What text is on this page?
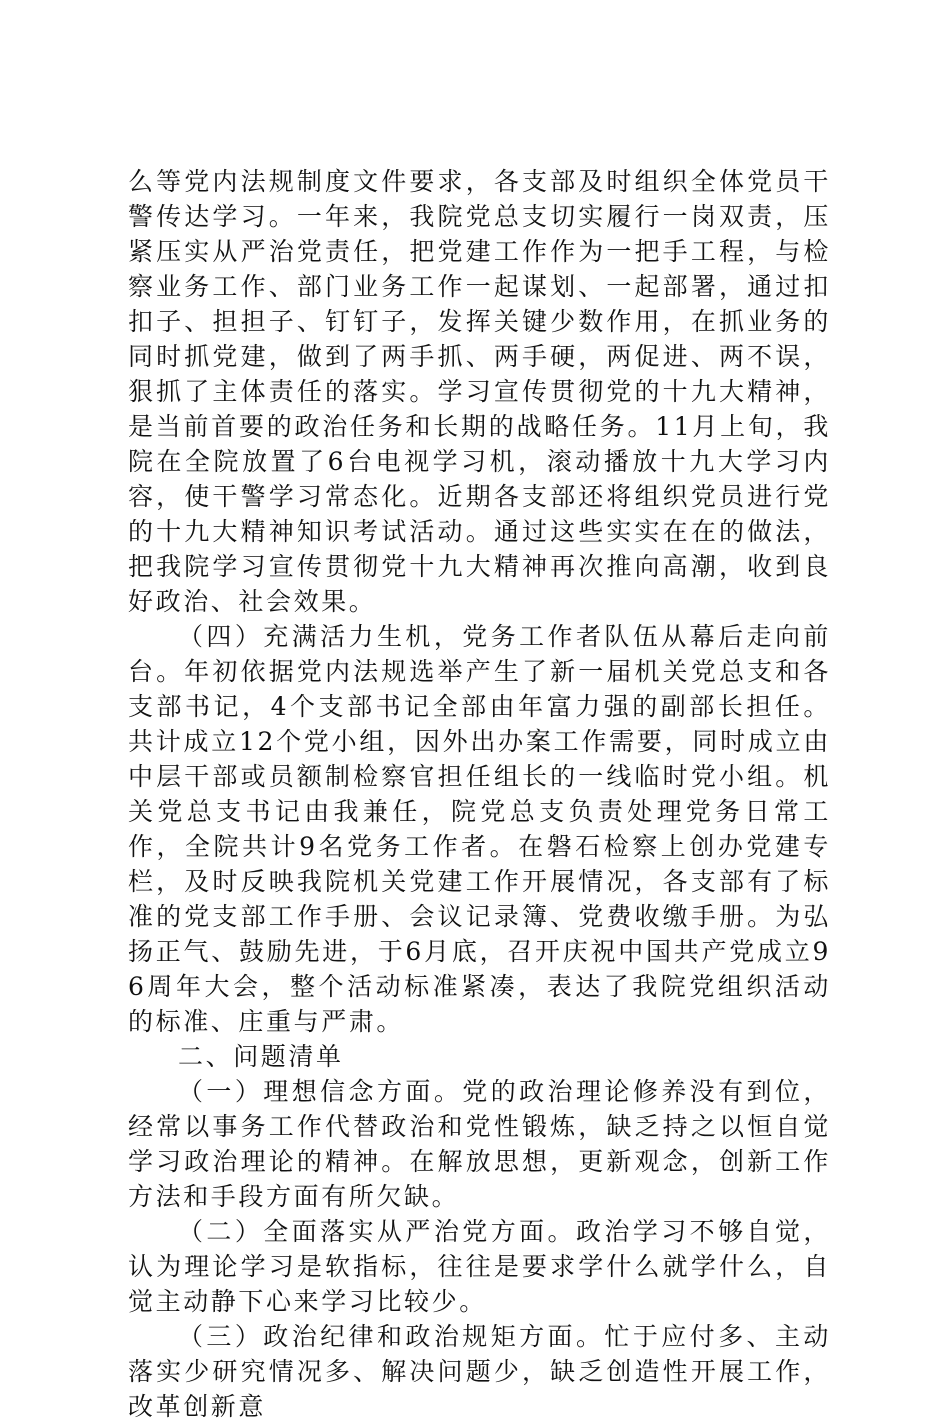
么等党内法规制度文件要求，各支部及时组织全体党员干警传达学习。一年来，我院党总支切实履行一岗双责，压紧压实从严治党责任，把党建工作作为一把手工程，与检察业务工作、部门业务工作一起谋划、一起部署，通过扣扣子、担担子、钉钉子，发挥关键少数作用，在抓业务的同时抓党建，做到了两手抓、两手硬，两促进、两不误，狠抓了主体责任的落实。学习宣传贯彻党的十九大精神，是当前首要的政治任务和长期的战略任务。11月上旬，我院在全院放置了6台电视学习机，滚动播放十九大学习内容，使干警学习常态化。近期各支部还将组织党员进行党的十九大精神知识考试活动。通过这些实实在在的做法，把我院学习宣传贯彻党十九大精神再次推向高潮，收到良好政治、社会效果。

（四）充满活力生机，党务工作者队伍从幕后走向前台。年初依据党内法规选举产生了新一届机关党总支和各支部书记，4个支部书记全部由年富力强的副部长担任。共计成立12个党小组，因外出办案工作需要，同时成立由中层干部或员额制检察官担任组长的一线临时党小组。机关党总支书记由我兼任，院党总支负责处理党务日常工作，全院共计9名党务工作者。在磐石检察上创办党建专栏，及时反映我院机关党建工作开展情况，各支部有了标准的党支部工作手册、会议记录簿、党费收缴手册。为弘扬正气、鼓励先进，于6月底，召开庆祝中国共产党成立96周年大会，整个活动标准紧凑，表达了我院党组织活动的标准、庄重与严肃。

二、问题清单

（一）理想信念方面。党的政治理论修养没有到位，经常以事务工作代替政治和党性锻炼，缺乏持之以恒自觉学习政治理论的精神。在解放思想，更新观念，创新工作方法和手段方面有所欠缺。

（二）全面落实从严治党方面。政治学习不够自觉，认为理论学习是软指标，往往是要求学什么就学什么，自觉主动静下心来学习比较少。

（三）政治纪律和政治规矩方面。忙于应付多、主动落实少研究情况多、解决问题少，缺乏创造性开展工作，改革创新意
